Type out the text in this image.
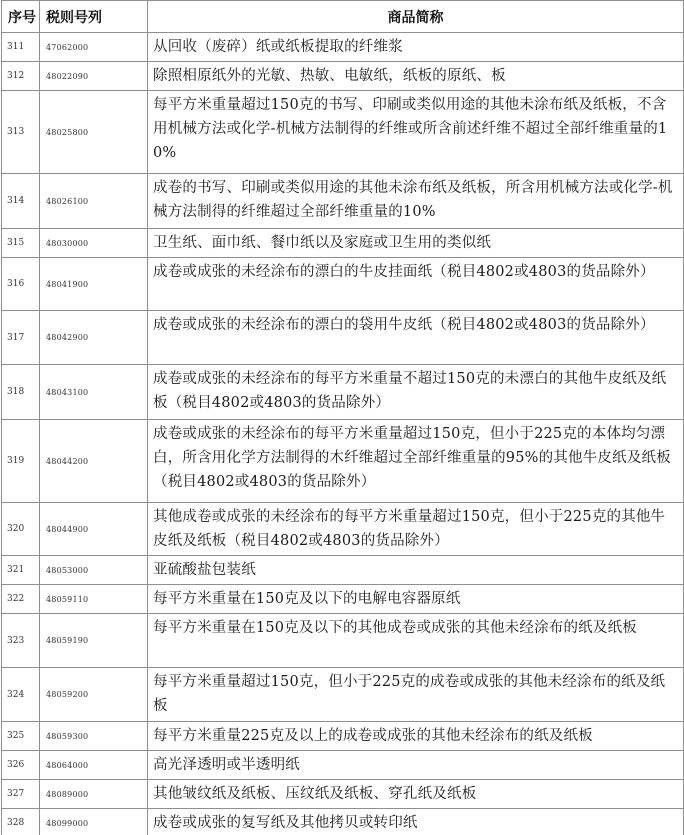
序号	税则号列	商品简称
311	47062000	从回收（废碎）纸或纸板提取的纤维浆
312	48022090	除照相原纸外的光敏、热敏、电敏纸，纸板的原纸、板
313	48025800	每平方米重量超过150克的书写、印刷或类似用途的其他未涂布纸及纸板，不含用机械方法或化学-机械方法制得的纤维或所含前述纤维不超过全部纤维重量的10%
314	48026100	成卷的书写、印刷或类似用途的其他未涂布纸及纸板，所含用机械方法或化学-机械方法制得的纤维超过全部纤维重量的10%
315	48030000	卫生纸、面巾纸、餐巾纸以及家庭或卫生用的类似纸
316	48041900	成卷或成张的未经涂布的漂白的牛皮挂面纸（税目4802或4803的货品除外）
317	48042900	成卷或成张的未经涂布的漂白的袋用牛皮纸（税目4802或4803的货品除外）
318	48043100	成卷或成张的未经涂布的每平方米重量不超过150克的未漂白的其他牛皮纸及纸板（税目4802或4803的货品除外）
319	48044200	成卷或成张的未经涂布的每平方米重量超过150克，但小于225克的本体均匀漂白，所含用化学方法制得的木纤维超过全部纤维重量的95%的其他牛皮纸及纸板（税目4802或4803的货品除外）
320	48044900	其他成卷或成张的未经涂布的每平方米重量超过150克，但小于225克的其他牛皮纸及纸板（税目4802或4803的货品除外）
321	48053000	亚硫酸盐包装纸
322	48059110	每平方米重量在150克及以下的电解电容器原纸
323	48059190	每平方米重量在150克及以下的其他成卷或成张的其他未经涂布的纸及纸板
324	48059200	每平方米重量超过150克，但小于225克的成卷或成张的其他未经涂布的纸及纸板
325	48059300	每平方米重量225克及以上的成卷或成张的其他未经涂布的纸及纸板
326	48064000	高光泽透明或半透明纸
327	48089000	其他皱纹纸及纸板、压纹纸及纸板、穿孔纸及纸板
328	48099000	成卷或成张的复写纸及其他拷贝或转印纸
